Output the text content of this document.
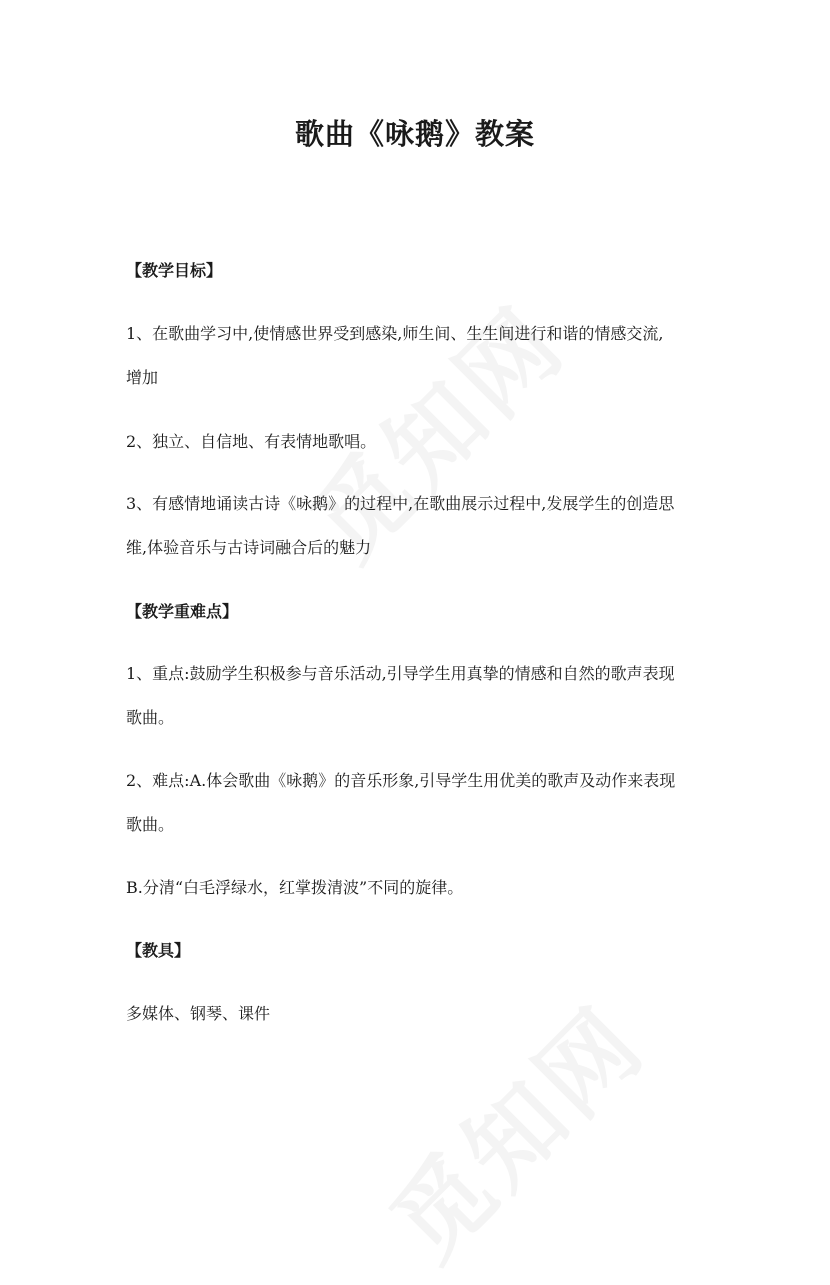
歌曲《咏鹅》教案

【教学目标】

1、在歌曲学习中,使情感世界受到感染,师生间、生生间进行和谐的情感交流,

增加

2、独立、自信地、有表情地歌唱。

3、有感情地诵读古诗《咏鹅》的过程中,在歌曲展示过程中,发展学生的创造思

维,体验音乐与古诗词融合后的魅力

【教学重难点】

1、重点:鼓励学生积极参与音乐活动,引导学生用真挚的情感和自然的歌声表现

歌曲。

2、难点:A.体会歌曲《咏鹅》的音乐形象,引导学生用优美的歌声及动作来表现

歌曲。

B.分清“白毛浮绿水，红掌拨清波”不同的旋律。

【教具】

多媒体、钢琴、课件
